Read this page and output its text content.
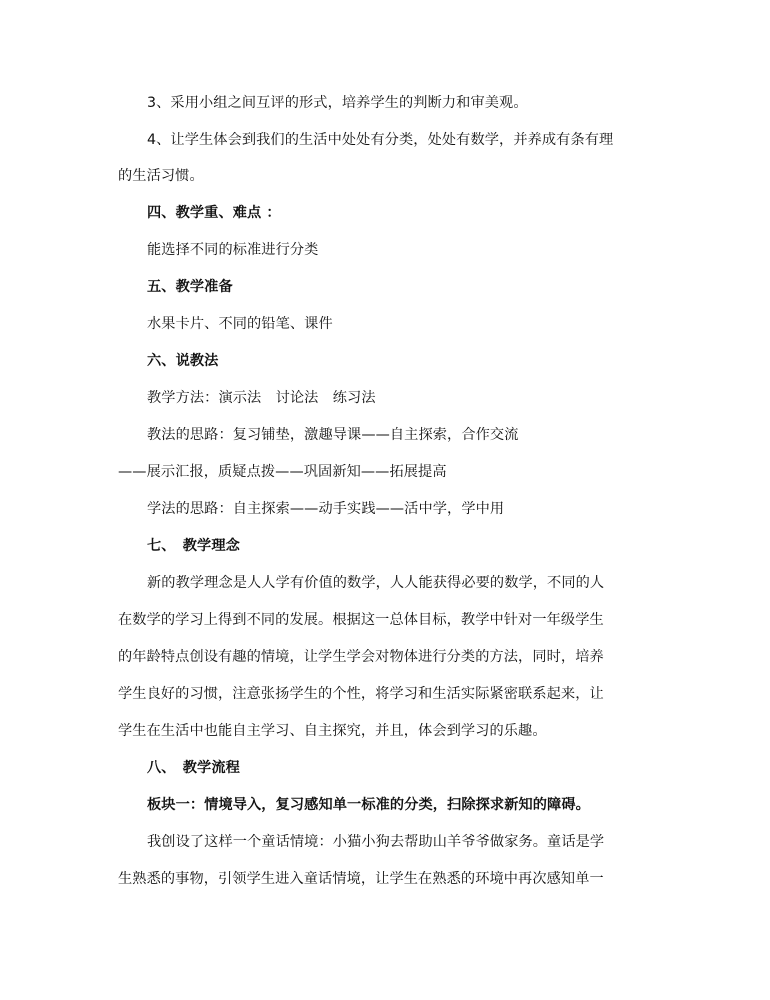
3、采用小组之间互评的形式，培养学生的判断力和审美观。
4、让学生体会到我们的生活中处处有分类，处处有数学，并养成有条有理
的生活习惯。
四、教学重、难点 ：
能选择不同的标准进行分类
五、教学准备
水果卡片、不同的铅笔、课件
六、说教法
教学方法：演示法　讨论法　练习法
教法的思路：复习铺垫，激趣导课——自主探索，合作交流
——展示汇报，质疑点拨——巩固新知——拓展提高
学法的思路：自主探索——动手实践——活中学，学中用
七、　教学理念
新的教学理念是人人学有价值的数学，人人能获得必要的数学，不同的人
在数学的学习上得到不同的发展。根据这一总体目标，教学中针对一年级学生
的年龄特点创设有趣的情境，让学生学会对物体进行分类的方法，同时，培养
学生良好的习惯，注意张扬学生的个性，将学习和生活实际紧密联系起来，让
学生在生活中也能自主学习、自主探究，并且，体会到学习的乐趣。
八、　教学流程
板块一：情境导入，复习感知单一标准的分类，扫除探求新知的障碍。
我创设了这样一个童话情境：小猫小狗去帮助山羊爷爷做家务。童话是学
生熟悉的事物，引领学生进入童话情境，让学生在熟悉的环境中再次感知单一
